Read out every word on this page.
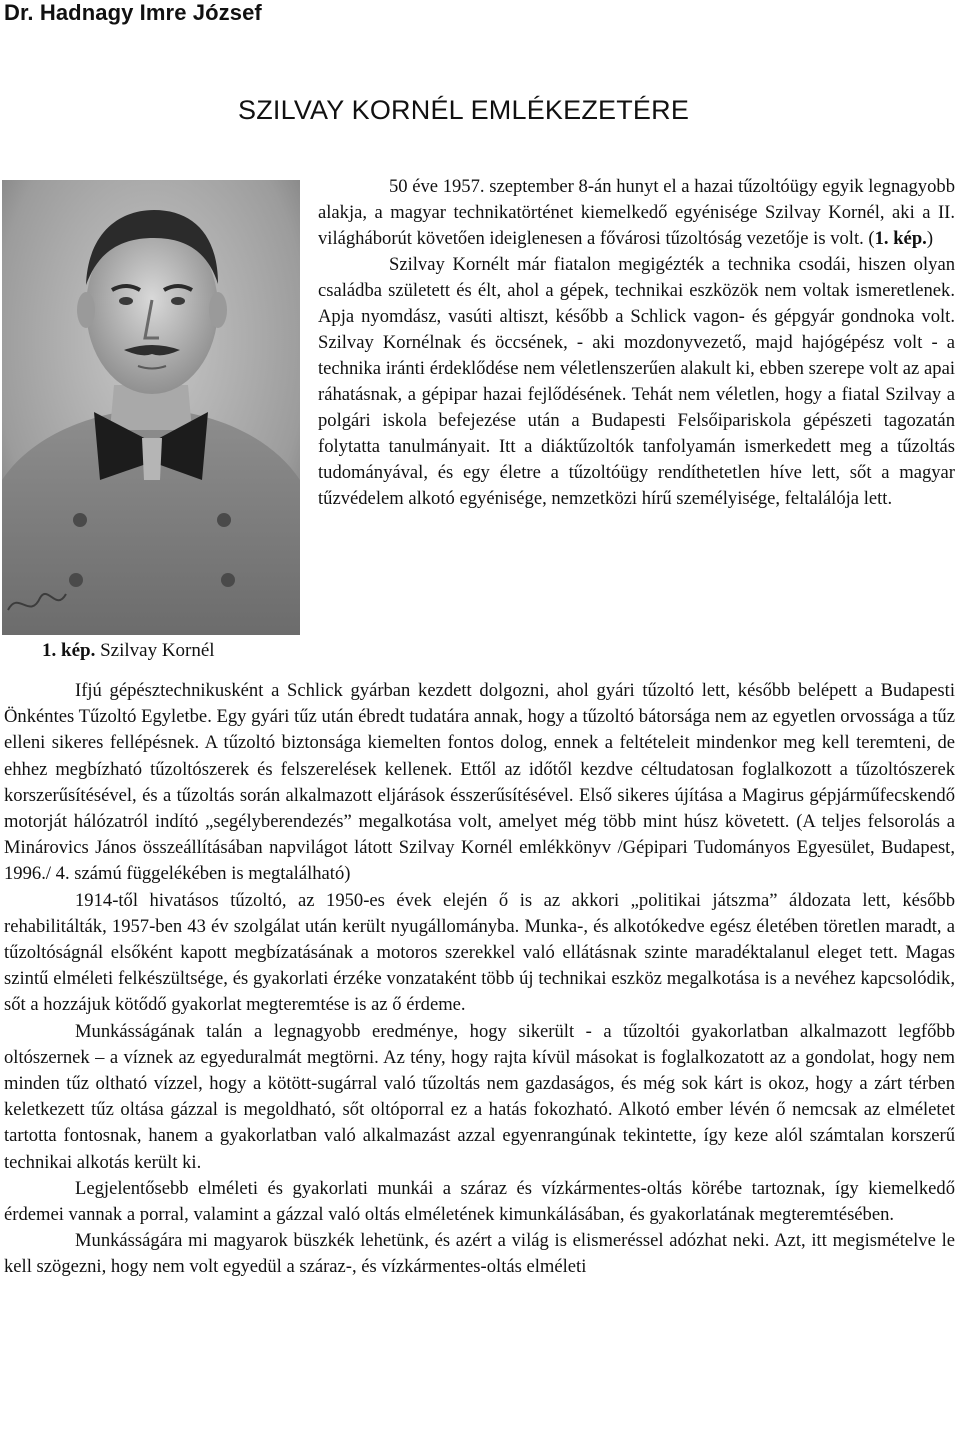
Dr. Hadnagy Imre József
SZILVAY KORNÉL EMLÉKEZETÉRE
1. kép. Szilvay Kornél

50 éve 1957. szeptember 8-án hunyt el a hazai tűzoltóügy egyik legnagyobb alakja, a magyar technikatörténet kiemelkedő egyénisége Szilvay Kornél, aki a II. világháborút követően ideiglenesen a fővárosi tűzoltóság vezetője is volt. (1. kép.)

Szilvay Kornélt már fiatalon megigézték a technika csodái, hiszen olyan családba született és élt, ahol a gépek, technikai eszközök nem voltak ismeretlenek. Apja nyomdász, vasúti altiszt, később a Schlick vagon- és gépgyár gondnoka volt. Szilvay Kornélnak és öccsének, - aki mozdonyvezető, majd hajógépész volt - a technika iránti érdeklődése nem véletlenszerűen alakult ki, ebben szerepe volt az apai ráhatásnak, a gépipar hazai fejlődésének. Tehát nem véletlen, hogy a fiatal Szilvay a polgári iskola befejezése után a Budapesti Felsőipariskola gépészeti tagozatán folytatta tanulmányait. Itt a diáktűzoltók tanfolyamán ismerkedett meg a tűzoltás tudományával, és egy életre a tűzoltóügy rendíthetetlen híve lett, sőt a magyar tűzvédelem alkotó egyénisége, nemzetközi hírű személyisége, feltalálója lett.

Ifjú gépésztechnikusként a Schlick gyárban kezdett dolgozni, ahol gyári tűzoltó lett, később belépett a Budapesti Önkéntes Tűzoltó Egyletbe. Egy gyári tűz után ébredt tudatára annak, hogy a tűzoltó bátorsága nem az egyetlen orvossága a tűz elleni sikeres fellépésnek. A tűzoltó biztonsága kiemelten fontos dolog, ennek a feltételeit mindenkor meg kell teremteni, de ehhez megbízható tűzoltószerek és felszerelések kellenek. Ettől az időtől kezdve céltudatosan foglalkozott a tűzoltószerek korszerűsítésével, és a tűzoltás során alkalmazott eljárások ésszerűsítésével. Első sikeres újítása a Magirus gépjárműfecskendő motorját hálózatról indító „segélyberendezés” megalkotása volt, amelyet még több mint húsz követett. (A teljes felsorolás a Minárovics János összeállításában napvilágot látott Szilvay Kornél emlékkönyv /Gépipari Tudományos Egyesület, Budapest, 1996./ 4. számú függelékében is megtalálható)

1914-től hivatásos tűzoltó, az 1950-es évek elején ő is az akkori „politikai játszma” áldozata lett, később rehabilitálták, 1957-ben 43 év szolgálat után került nyugállományba. Munka-, és alkotókedve egész életében töretlen maradt, a tűzoltóságnál elsőként kapott megbízatásának a motoros szerekkel való ellátásnak szinte maradéktalanul eleget tett. Magas szintű elméleti felkészültsége, és gyakorlati érzéke vonzataként több új technikai eszköz megalkotása is a nevéhez kapcsolódik, sőt a hozzájuk kötődő gyakorlat megteremtése is az ő érdeme.

Munkásságának talán a legnagyobb eredménye, hogy sikerült - a tűzoltói gyakorlatban alkalmazott legfőbb oltószernek – a víznek az egyeduralmát megtörni. Az tény, hogy rajta kívül másokat is foglalkozatott az a gondolat, hogy nem minden tűz oltható vízzel, hogy a kötött-sugárral való tűzoltás nem gazdaságos, és még sok kárt is okoz, hogy a zárt térben keletkezett tűz oltása gázzal is megoldható, sőt oltóporral ez a hatás fokozható. Alkotó ember lévén ő nemcsak az elméletet tartotta fontosnak, hanem a gyakorlatban való alkalmazást azzal egyenrangúnak tekintette, így keze alól számtalan korszerű technikai alkotás került ki.

Legjelentősebb elméleti és gyakorlati munkái a száraz és vízkármentes-oltás körébe tartoznak, így kiemelkedő érdemei vannak a porral, valamint a gázzal való oltás elméletének kimunkálásában, és gyakorlatának megteremtésében.

Munkásságára mi magyarok büszkék lehetünk, és azért a világ is elismeréssel adózhat neki. Azt, itt megismételve le kell szögezni, hogy nem volt egyedül a száraz-, és vízkármentes-oltás elméleti
